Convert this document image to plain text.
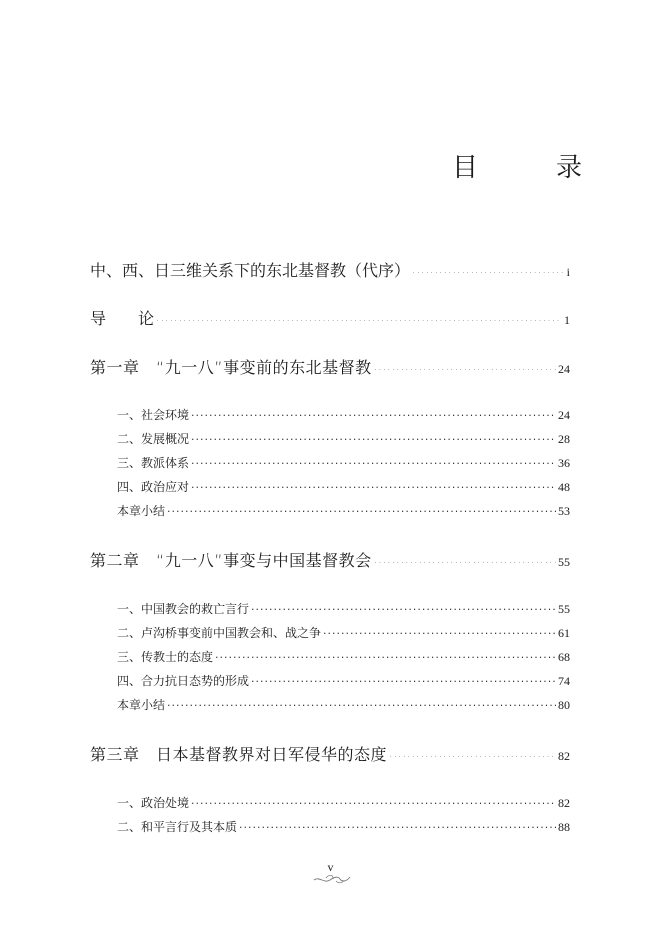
目	录
中、西、日三维关系下的东北基督教（代序） ·····	i
导　　论 ·····	1
第一章　“九一八”事变前的东北基督教 ·····	24
一、社会环境 ·····	24
二、发展概况 ·····	28
三、教派体系 ·····	36
四、政治应对 ·····	48
本章小结 ·····	53
第二章　“九一八”事变与中国基督教会 ·····	55
一、中国教会的救亡言行 ·····	55
二、卢沟桥事变前中国教会和、战之争 ·····	61
三、传教士的态度 ·····	68
四、合力抗日态势的形成 ·····	74
本章小结 ·····	80
第三章　日本基督教界对日军侵华的态度 ·····	82
一、政治处境 ·····	82
二、和平言行及其本质 ·····	88
v
